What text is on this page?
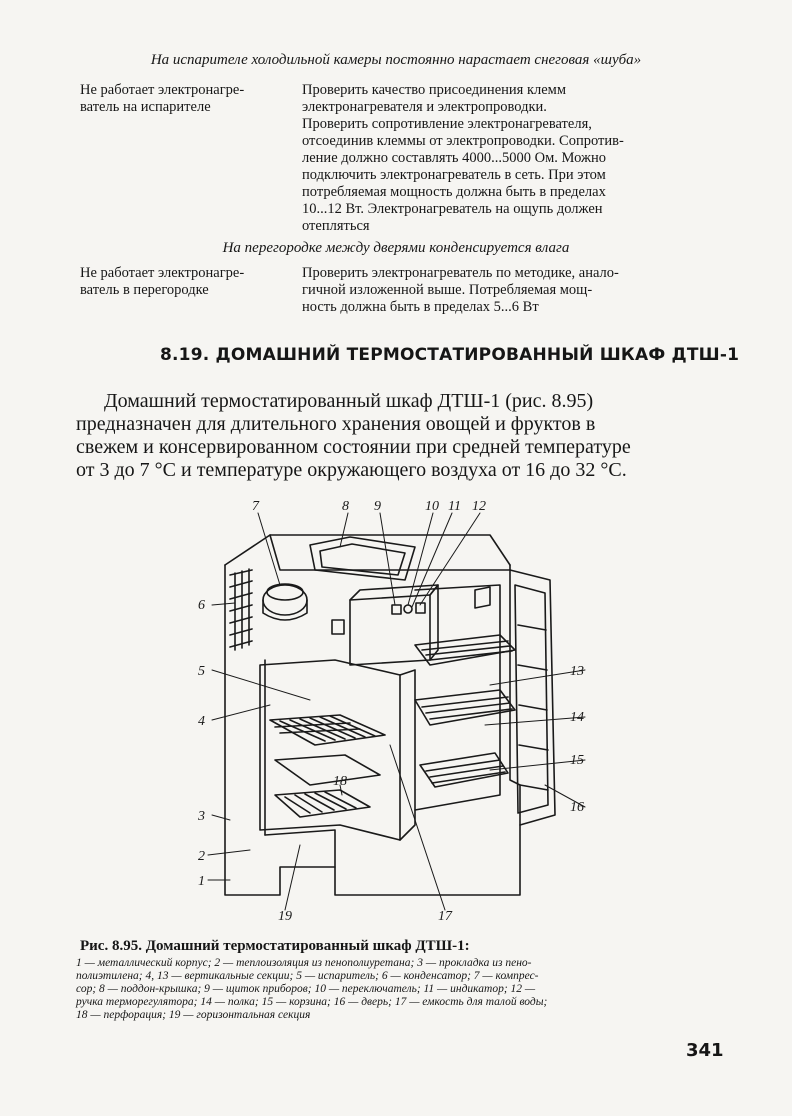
На испарителе холодильной камеры постоянно нарастает снеговая «шуба»
Не работает электронагре-
ватель на испарителе
Проверить качество присоединения клемм
электронагревателя и электропроводки.
Проверить сопротивление электронагревателя,
отсоединив клеммы от электропроводки. Сопротив-
ление должно составлять 4000...5000 Ом. Можно
подключить электронагреватель в сеть. При этом
потребляемая мощность должна быть в пределах
10...12 Вт. Электронагреватель на ощупь должен
отепляться
На перегородке между дверями конденсируется влага
Не работает электронагре-
ватель в перегородке
Проверить электронагреватель по методике, анало-
гичной изложенной выше. Потребляемая мощ-
ность должна быть в пределах 5...6 Вт
8.19. ДОМАШНИЙ ТЕРМОСТАТИРОВАННЫЙ ШКАФ ДТШ-1
Домашний термостатированный шкаф ДТШ-1 (рис. 8.95)
предназначен для длительного хранения овощей и фруктов в
свежем и консервированном состоянии при средней температуре
от 3 до 7 °С и температуре окружающего воздуха от 16 до 32 °С.
7	8 9	10 11 12
6
5
4
3
2
1
13
14
15
16
17
18
19
Рис. 8.95. Домашний термостатированный шкаф ДТШ-1:
1 — металлический корпус; 2 — теплоизоляция из пенополиуретана; 3 — прокладка из пено-
полиэтилена; 4, 13 — вертикальные секции; 5 — испаритель; 6 — конденсатор; 7 — компрес-
сор; 8 — поддон-крышка; 9 — щиток приборов; 10 — переключатель; 11 — индикатор; 12 —
ручка терморегулятора; 14 — полка; 15 — корзина; 16 — дверь; 17 — емкость для талой воды;
18 — перфорация; 19 — горизонтальная секция
341
